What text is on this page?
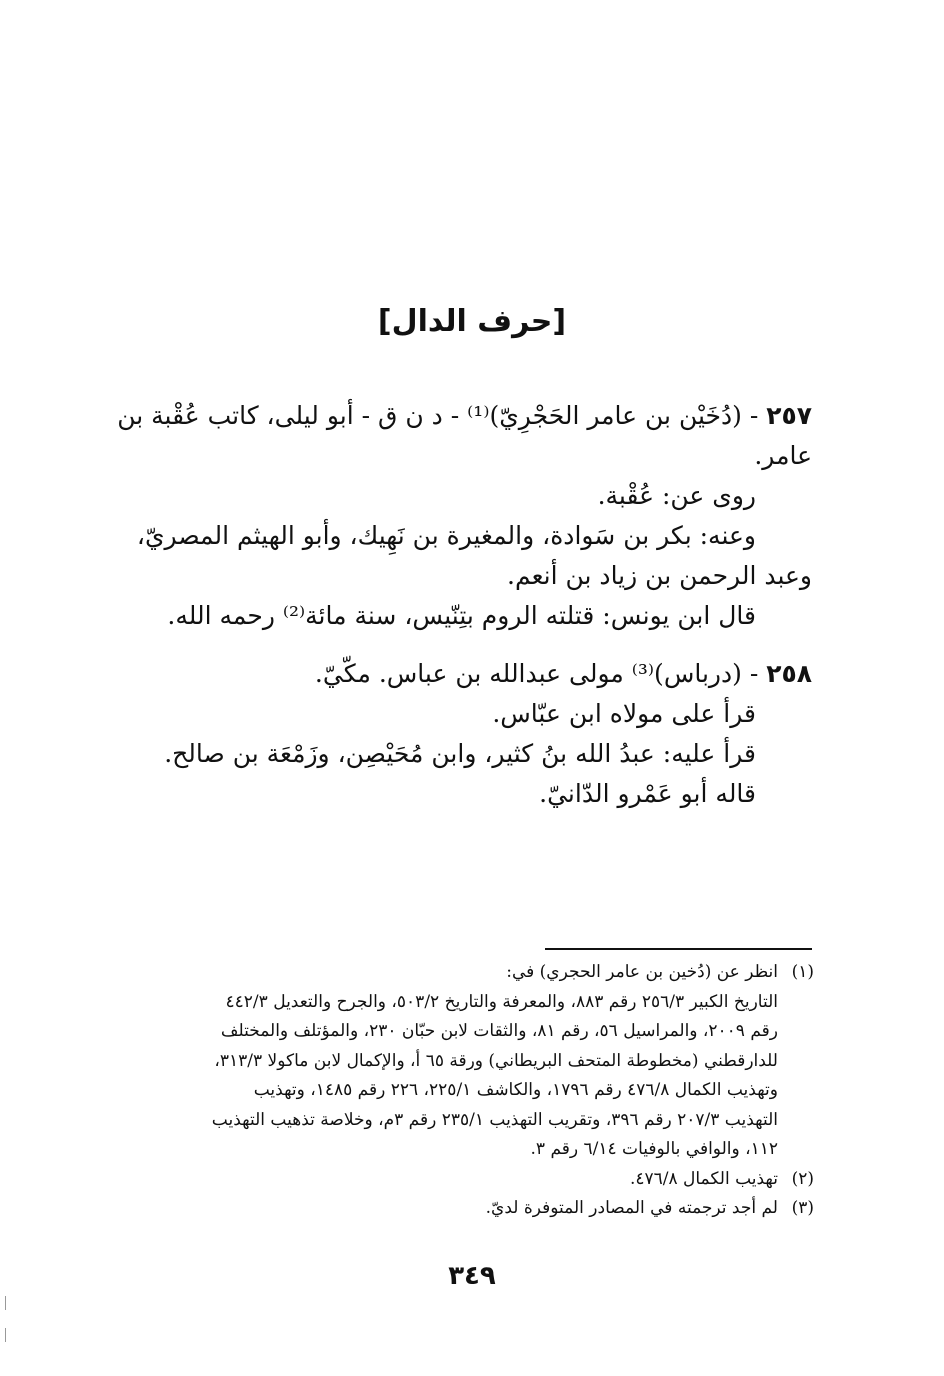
[حرف الدال]
٢٥٧ - (دُخَيْن بن عامر الحَجْرِيّ)⁽¹⁾ - د ن ق - أبو ليلى، كاتب عُقْبة بن
عامر.
روى عن: عُقْبة.
وعنه: بكر بن سَوادة، والمغيرة بن نَهِيك، وأبو الهيثم المصريّ،
وعبد الرحمن بن زياد بن أنعم.
قال ابن يونس: قتلته الروم بتِنّيس، سنة مائة⁽²⁾ رحمه الله.
٢٥٨ - (درباس)⁽³⁾ مولى عبدالله بن عباس. مكّيّ.
قرأ على مولاه ابن عبّاس.
قرأ عليه: عبدُ الله بنُ كثير، وابن مُحَيْصِن، وزَمْعَة بن صالح.
قاله أبو عَمْرو الدّانيّ.
(١)
انظر عن (دُخين بن عامر الحجري) في:
التاريخ الكبير ٢٥٦/٣ رقم ٨٨٣، والمعرفة والتاريخ ٥٠٣/٢، والجرح والتعديل ٤٤٢/٣
رقم ٢٠٠٩، والمراسيل ٥٦، رقم ٨١، والثقات لابن حبّان ٢٣٠، والمؤتلف والمختلف
للدارقطني (مخطوطة المتحف البريطاني) ورقة ٦٥ أ، والإكمال لابن ماكولا ٣١٣/٣،
وتهذيب الكمال ٤٧٦/٨ رقم ١٧٩٦، والكاشف ٢٢٥/١، ٢٢٦ رقم ١٤٨٥، وتهذيب
التهذيب ٢٠٧/٣ رقم ٣٩٦، وتقريب التهذيب ٢٣٥/١ رقم ٣م، وخلاصة تذهيب التهذيب
١١٢، والوافي بالوفيات ٦/١٤ رقم ٣.
(٢)
تهذيب الكمال ٤٧٦/٨.
(٣)
لم أجد ترجمته في المصادر المتوفرة لديّ.
٣٤٩
